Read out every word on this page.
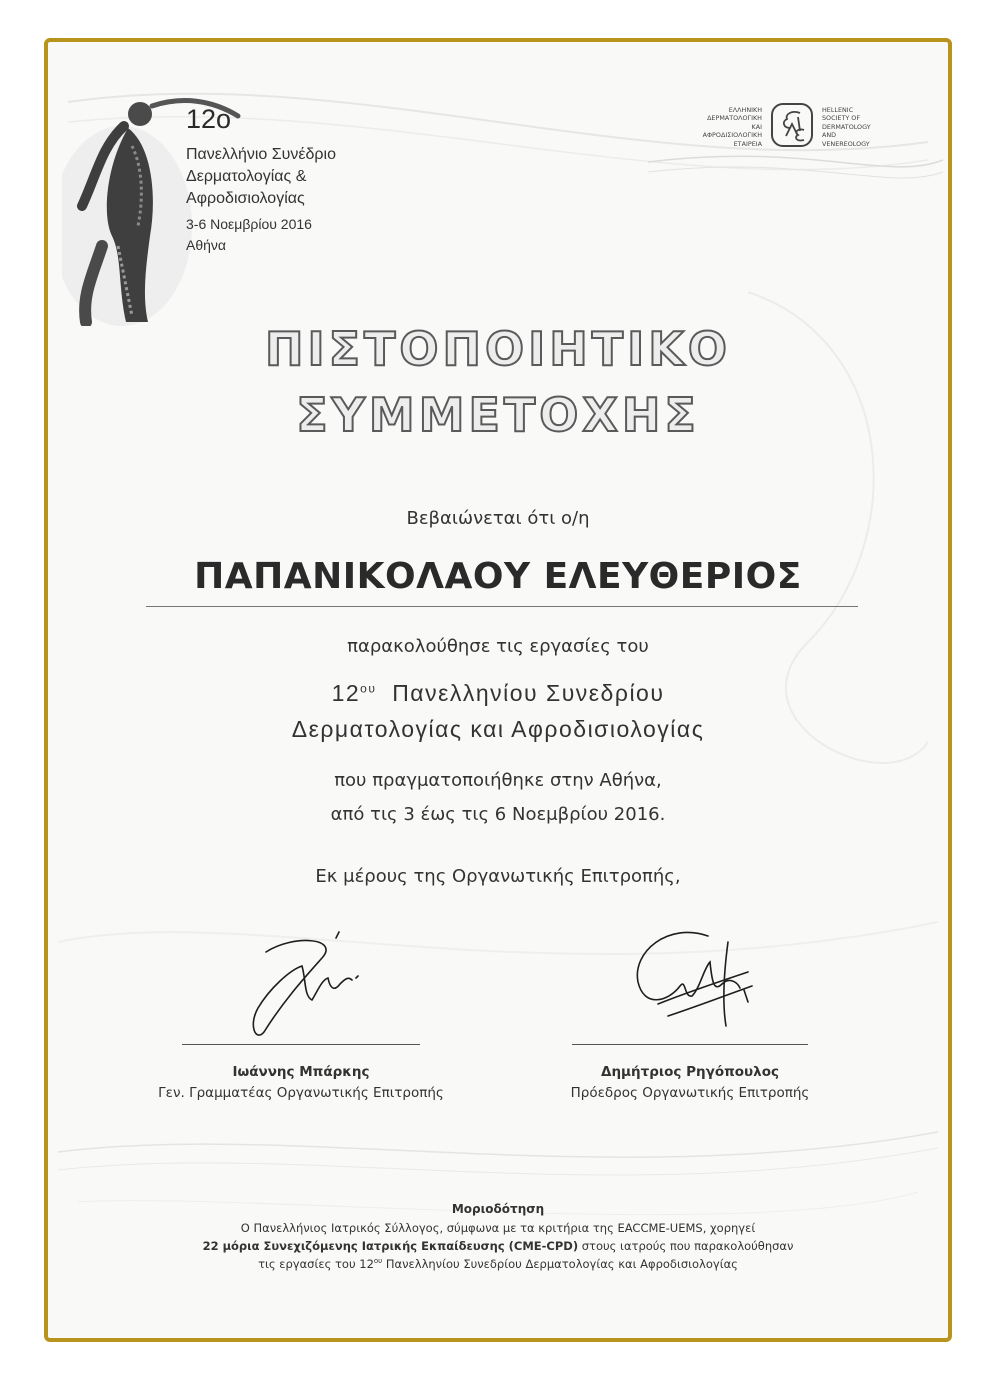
12ο
Πανελλήνιο Συνέδριο
Δερματολογίας &
Αφροδισιολογίας
3-6 Νοεμβρίου 2016
Αθήνα
ΕΛΛΗΝΙΚΗ
ΔΕΡΜΑΤΟΛΟΓΙΚΗ
ΚΑΙ
ΑΦΡΟΔΙΣΙΟΛΟΓΙΚΗ
ΕΤΑΙΡΕΙΑ
HELLENIC
SOCIETY OF
DERMATOLOGY
AND
VENEREOLOGY
ΠΙΣΤΟΠΟΙΗΤΙΚΟ
ΣΥΜΜΕΤΟΧΗΣ
Βεβαιώνεται ότι ο/η
ΠΑΠΑΝΙΚΟΛΑΟΥ ΕΛΕΥΘΕΡΙΟΣ
παρακολούθησε τις εργασίες του
$12^{o\upsilon}$ Πανελληνίου Συνεδρίου
Δερματολογίας και Αφροδισιολογίας
που πραγματοποιήθηκε στην Αθήνα,
από τις 3 έως τις 6 Νοεμβρίου 2016.
Εκ μέρους της Οργανωτικής Επιτροπής,
Ιωάννης Μπάρκης
Γεν. Γραμματέας Οργανωτικής Επιτροπής
Δημήτριος Ρηγόπουλος
Πρόεδρος Οργανωτικής Επιτροπής
Μοριοδότηση
Ο Πανελλήνιος Ιατρικός Σύλλογος, σύμφωνα με τα κριτήρια της EACCME-UEMS, χορηγεί
22 μόρια Συνεχιζόμενης Ιατρικής Εκπαίδευσης (CME-CPD) στους ιατρούς που παρακολούθησαν
τις εργασίες του $12^{o\upsilon}$ Πανελληνίου Συνεδρίου Δερματολογίας και Αφροδισιολογίας
